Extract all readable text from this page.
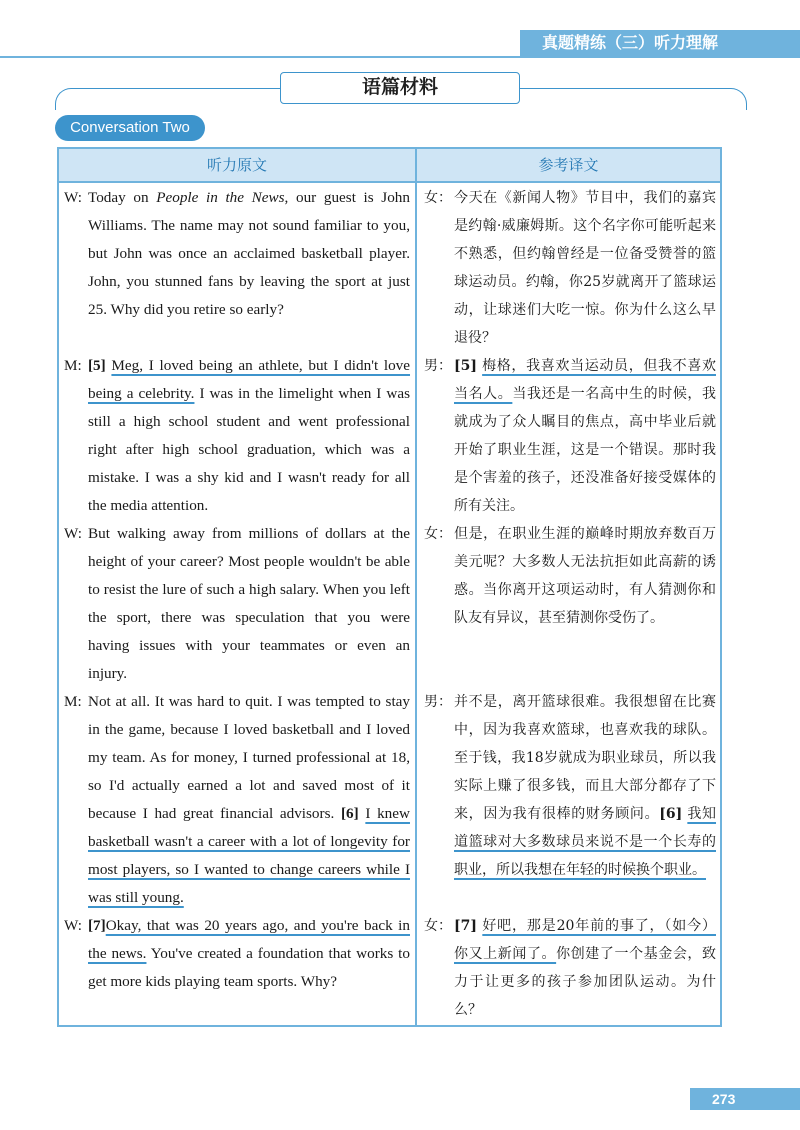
真题精练（三）听力理解
语篇材料
Conversation Two
听力原文	参考译文
W: Today on People in the News, our guest is John Williams. The name may not sound familiar to you, but John was once an acclaimed basketball player. John, you stunned fans by leaving the sport at just 25. Why did you retire so early?
女： 今天在《新闻人物》节目中，我们的嘉宾是约翰·威廉姆斯。这个名字你可能听起来不熟悉，但约翰曾经是一位备受赞誉的篮球运动员。约翰，你25岁就离开了篮球运动，让球迷们大吃一惊。你为什么这么早退役？
M: [5] Meg, I loved being an athlete, but I didn't love being a celebrity. I was in the limelight when I was still a high school student and went professional right after high school graduation, which was a mistake. I was a shy kid and I wasn't ready for all the media attention.
男： [5] 梅格，我喜欢当运动员，但我不喜欢当名人。当我还是一名高中生的时候，我就成为了众人瞩目的焦点，高中毕业后就开始了职业生涯，这是一个错误。那时我是个害羞的孩子，还没准备好接受媒体的所有关注。
W: But walking away from millions of dollars at the height of your career? Most people wouldn't be able to resist the lure of such a high salary. When you left the sport, there was speculation that you were having issues with your teammates or even an injury.
女： 但是，在职业生涯的巅峰时期放弃数百万美元呢？大多数人无法抗拒如此高薪的诱惑。当你离开这项运动时，有人猜测你和队友有异议，甚至猜测你受伤了。
M: Not at all. It was hard to quit. I was tempted to stay in the game, because I loved basketball and I loved my team. As for money, I turned professional at 18, so I'd actually earned a lot and saved most of it because I had great financial advisors. [6] I knew basketball wasn't a career with a lot of longevity for most players, so I wanted to change careers while I was still young.
男： 并不是，离开篮球很难。我很想留在比赛中，因为我喜欢篮球，也喜欢我的球队。至于钱，我18岁就成为职业球员，所以我实际上赚了很多钱，而且大部分都存了下来，因为我有很棒的财务顾问。[6] 我知道篮球对大多数球员来说不是一个长寿的职业，所以我想在年轻的时候换个职业。
W: [7]Okay, that was 20 years ago, and you're back in the news. You've created a foundation that works to get more kids playing team sports. Why?
女： [7] 好吧，那是20年前的事了，（如今）你又上新闻了。你创建了一个基金会，致力于让更多的孩子参加团队运动。为什么？
273
